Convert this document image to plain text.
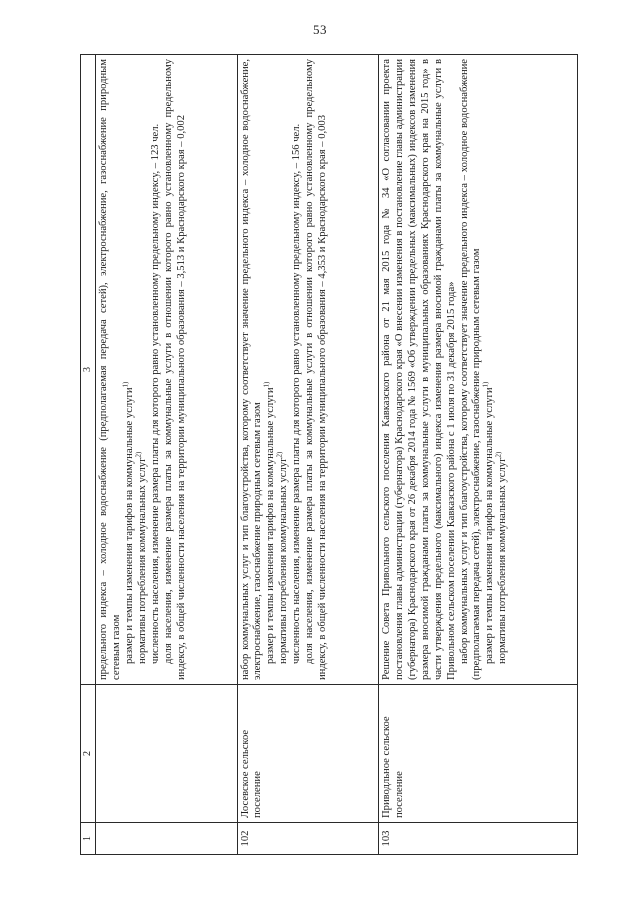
53
1	2	3

		предельного индекса – холодное водоснабжение (предполагаемая передача сетей), электроснабжение, газоснабжение природным сетевым газом размер и темпы изменения тарифов на коммунальные услуги$^{1)}$

нормативы потребления коммунальных услуг$^{2)}$ численность населения, изменение размера платы для которого равно установленному предельному индексу, – 123 чел. доля населения, изменение размера платы за коммунальные услуги в отношении которого равно установленному предельному индексу, в общей численности населения на территории муниципального образования – 3,513 и Краснодарского края – 0,002

102	Лосевское сельское поселение	набор коммунальных услуг и тип благоустройства, которому соответствует значение предельного индекса – холодное водоснабжение, электроснабжение, газоснабжение природным сетевым газом размер и темпы изменения тарифов на коммунальные услуги$^{1)}$

нормативы потребления коммунальных услуг$^{2)}$ численность населения, изменение размера платы для которого равно установленному предельному индексу, – 156 чел. доля населения, изменение размера платы за коммунальные услуги в отношении которого равно установленному предельному индексу, в общей численности населения на территории муниципального образования – 4,353 и Краснодарского края – 0,003

103	Приводльное сельское поселение	Решение Совета Привольного сельского поселения Кавказского района от 21 мая 2015 года № 34 «О согласовании проекта постановления главы администрации (губернатора) Краснодарского края «О внесении изменения в постановление главы администрации (губернатора) Краснодарского края от 26 декабря 2014 года № 1569 «Об утверждении предельных (максимальных) индексов изменения размера вносимой гражданами платы за коммунальные услуги в муниципальных образованиях Краснодарского края на 2015 год» в части утверждения предельного (максимального) индекса изменения размера вносимой гражданами платы за коммунальные услуги в Привольном сельском поселении Кавказского района с 1 июля по 31 декабря 2015 года» набор коммунальных услуг и тип благоустройства, которому соответствует значение предельного индекса – холодное водоснабжение (предполагаемая передача сетей), электроснабжение, газоснабжение природным сетевым газом размер и темпы изменения тарифов на коммунальные услуги$^{1)}$

нормативы потребления коммунальных услуг$^{2)}$
